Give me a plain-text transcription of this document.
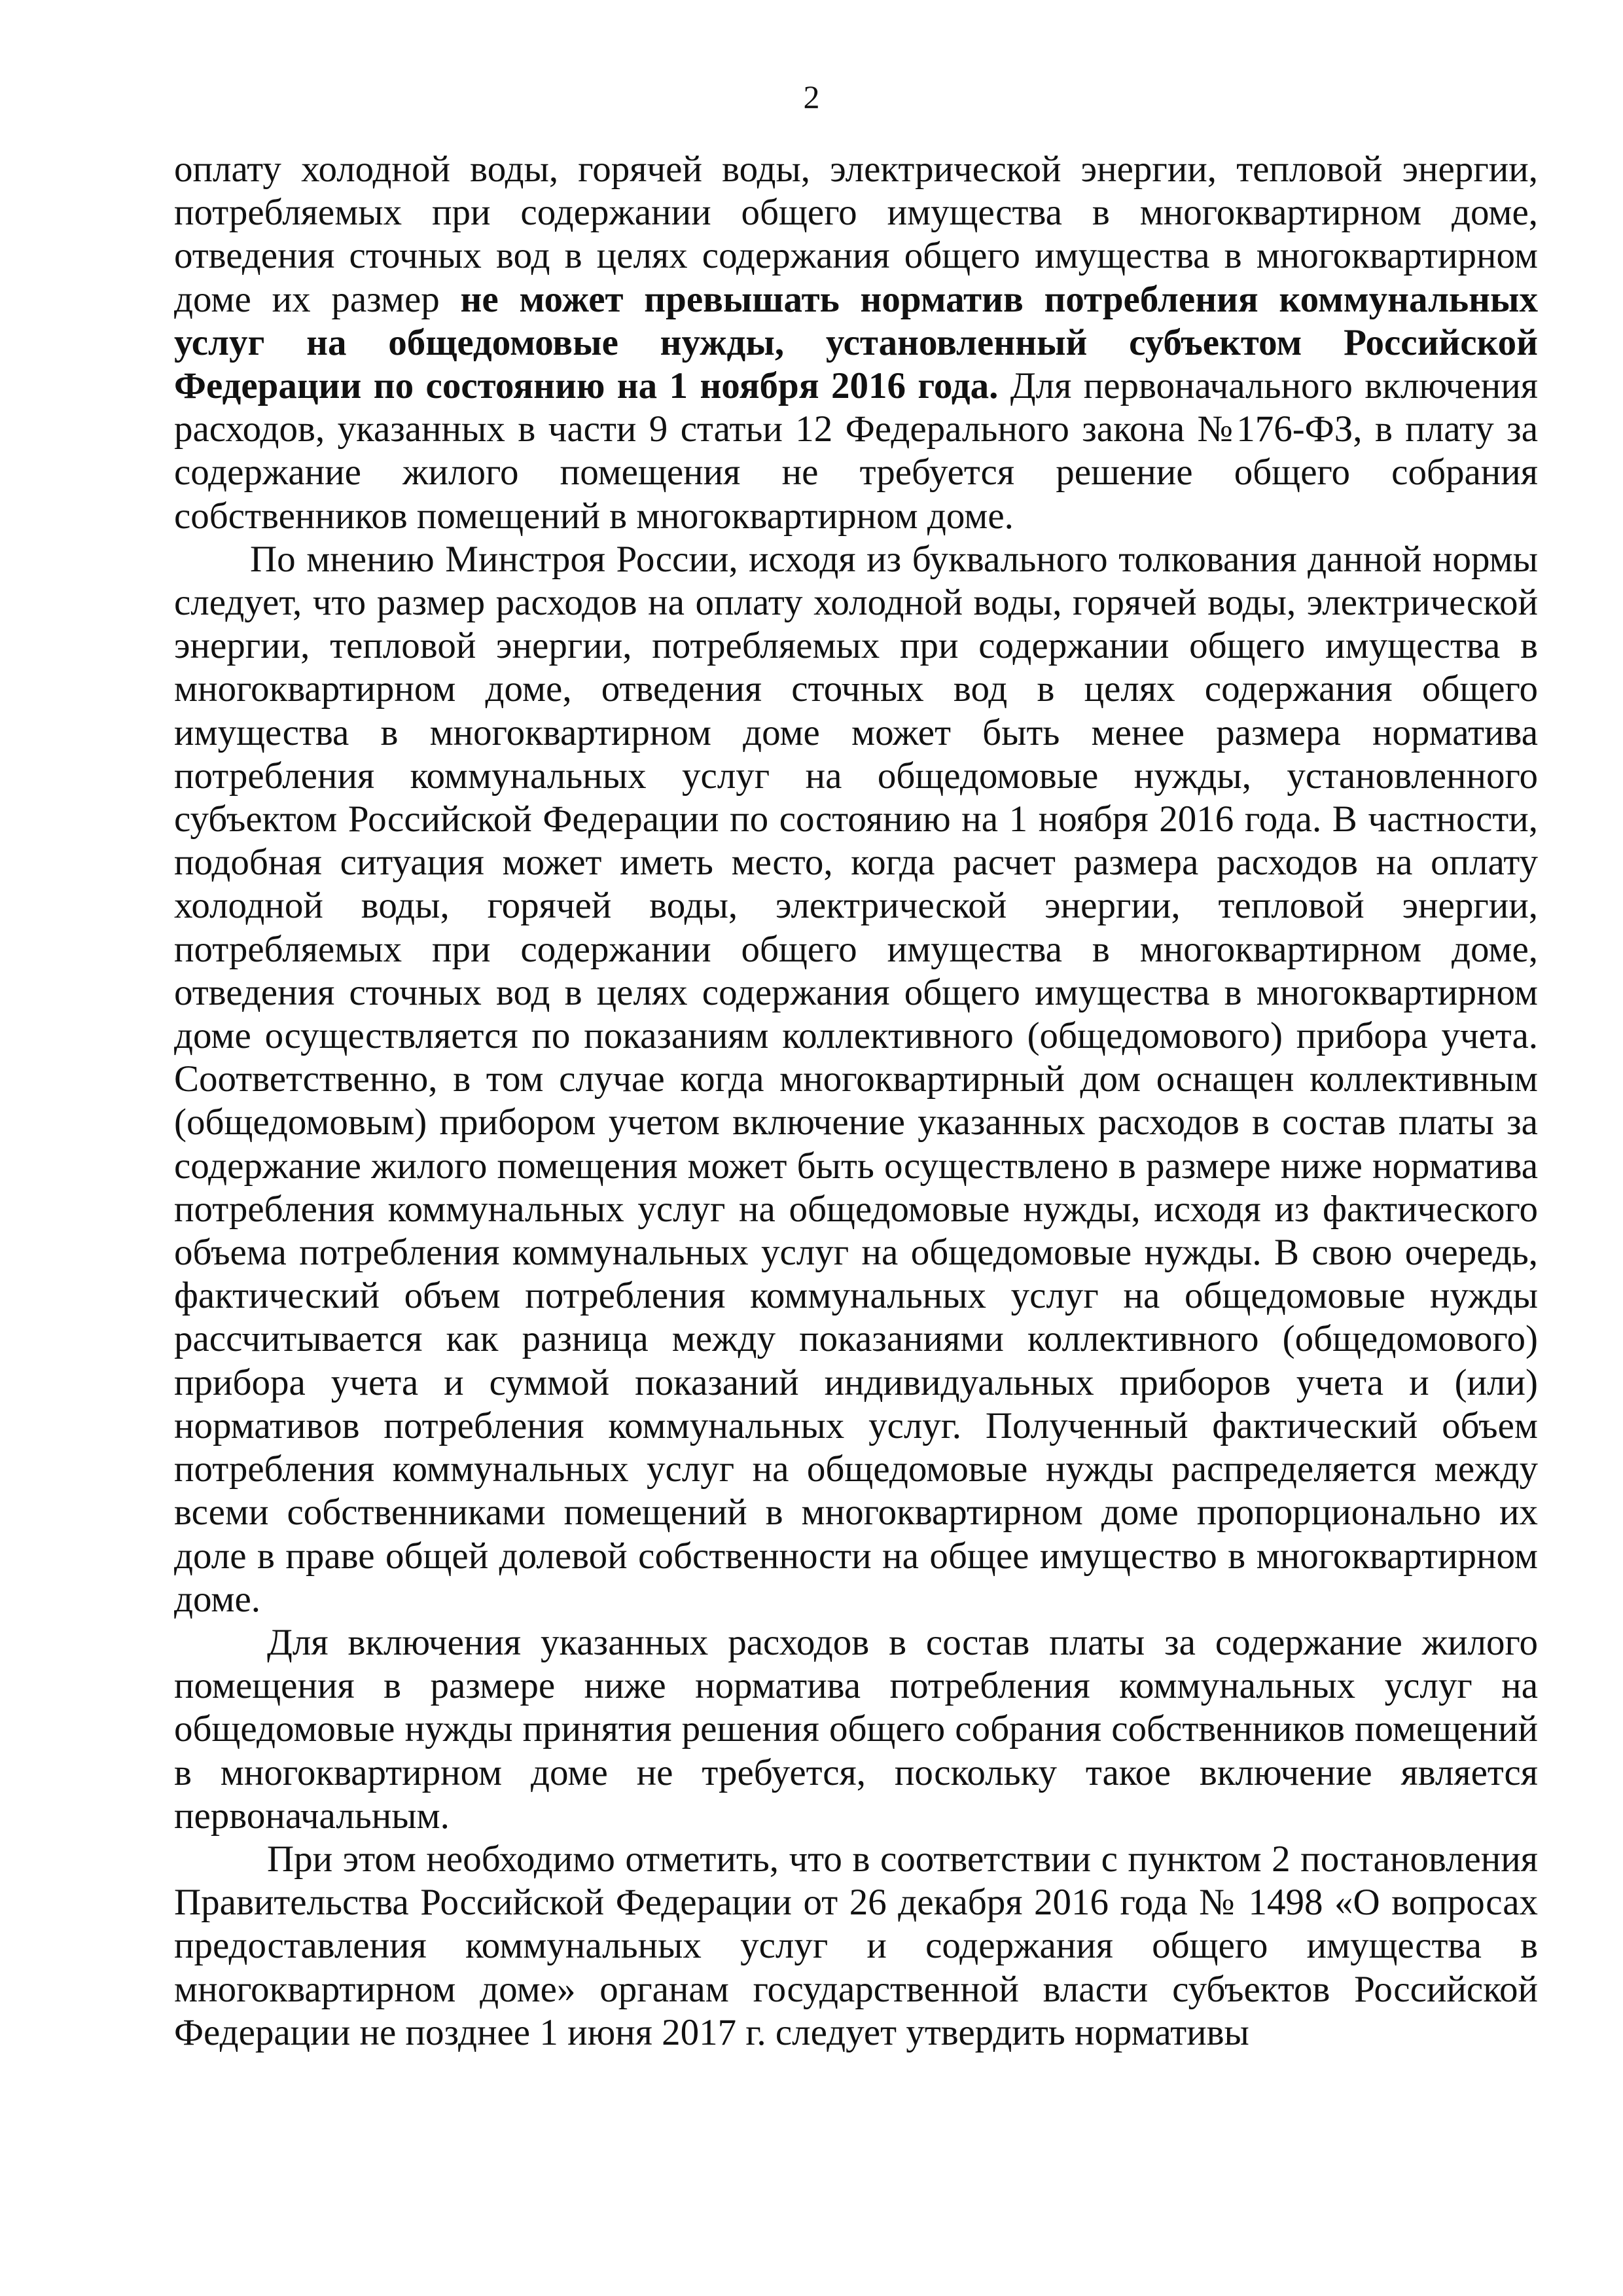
2

оплату холодной воды, горячей воды, электрической энергии, тепловой энергии, потребляемых при содержании общего имущества в многоквартирном доме, отведения сточных вод в целях содержания общего имущества в многоквартирном доме их размер не может превышать норматив потребления коммунальных услуг на общедомовые нужды, установленный субъектом Российской Федерации по состоянию на 1 ноября 2016 года. Для первоначального включения расходов, указанных в части 9 статьи 12 Федерального закона №176-ФЗ, в плату за содержание жилого помещения не требуется решение общего собрания собственников помещений в многоквартирном доме.

По мнению Минстроя России, исходя из буквального толкования данной нормы следует, что размер расходов на оплату холодной воды, горячей воды, электрической энергии, тепловой энергии, потребляемых при содержании общего имущества в многоквартирном доме, отведения сточных вод в целях содержания общего имущества в многоквартирном доме может быть менее размера норматива потребления коммунальных услуг на общедомовые нужды, установленного субъектом Российской Федерации по состоянию на 1 ноября 2016 года. В частности, подобная ситуация может иметь место, когда расчет размера расходов на оплату холодной воды, горячей воды, электрической энергии, тепловой энергии, потребляемых при содержании общего имущества в многоквартирном доме, отведения сточных вод в целях содержания общего имущества в многоквартирном доме осуществляется по показаниям коллективного (общедомового) прибора учета. Соответственно, в том случае когда многоквартирный дом оснащен коллективным (общедомовым) прибором учетом включение указанных расходов в состав платы за содержание жилого помещения может быть осуществлено в размере ниже норматива потребления коммунальных услуг на общедомовые нужды, исходя из фактического объема потребления коммунальных услуг на общедомовые нужды. В свою очередь, фактический объем потребления коммунальных услуг на общедомовые нужды рассчитывается как разница между показаниями коллективного (общедомового) прибора учета и суммой показаний индивидуальных приборов учета и (или) нормативов потребления коммунальных услуг. Полученный фактический объем потребления коммунальных услуг на общедомовые нужды распределяется между всеми собственниками помещений в многоквартирном доме пропорционально их доле в праве общей долевой собственности на общее имущество в многоквартирном доме.

Для включения указанных расходов в состав платы за содержание жилого помещения в размере ниже норматива потребления коммунальных услуг на общедомовые нужды принятия решения общего собрания собственников помещений в многоквартирном доме не требуется, поскольку такое включение является первоначальным.

При этом необходимо отметить, что в соответствии с пунктом 2 постановления Правительства Российской Федерации от 26 декабря 2016 года № 1498 «О вопросах предоставления коммунальных услуг и содержания общего имущества в многоквартирном доме» органам государственной власти субъектов Российской Федерации не позднее 1 июня 2017 г. следует утвердить нормативы
